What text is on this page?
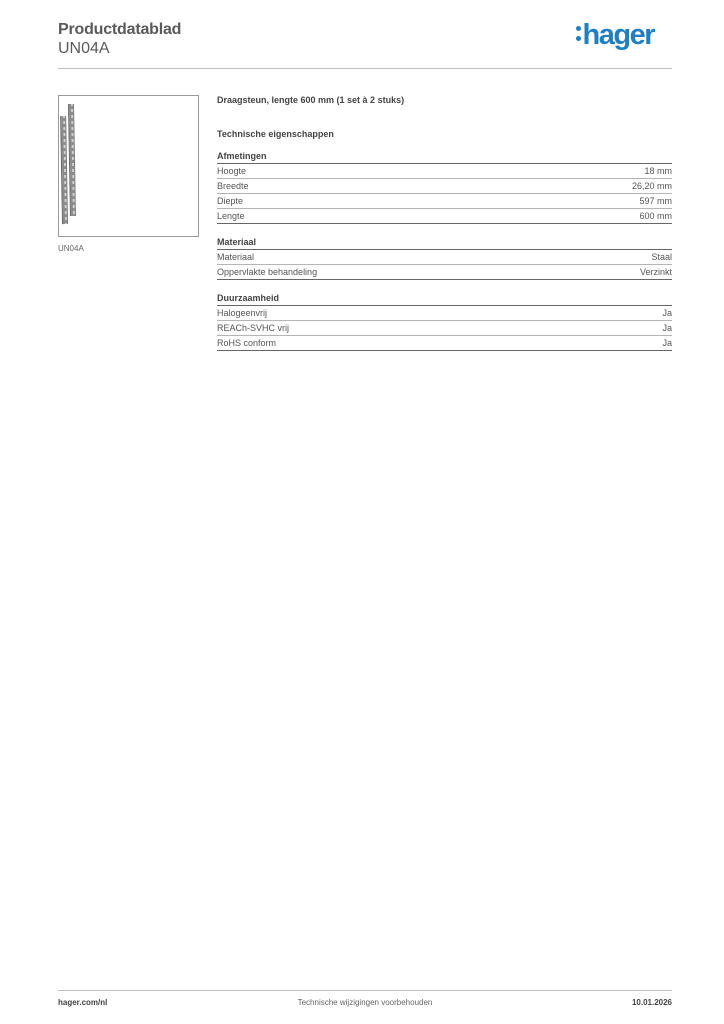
Productdatablad
UN04A	hager
UN04A
Draagsteun, lengte 600 mm (1 set à 2 stuks)
Technische eigenschappen
Afmetingen
Hoogte	18 mm
Breedte	26,20 mm
Diepte	597 mm
Lengte	600 mm
Materiaal
Materiaal	Staal
Oppervlakte behandeling	Verzinkt
Duurzaamheid
Halogeenvrij	Ja
REACh-SVHC vrij	Ja
RoHS conform	Ja
Technische wijzigingen voorbehouden
hager.com/nl	10.01.2026
